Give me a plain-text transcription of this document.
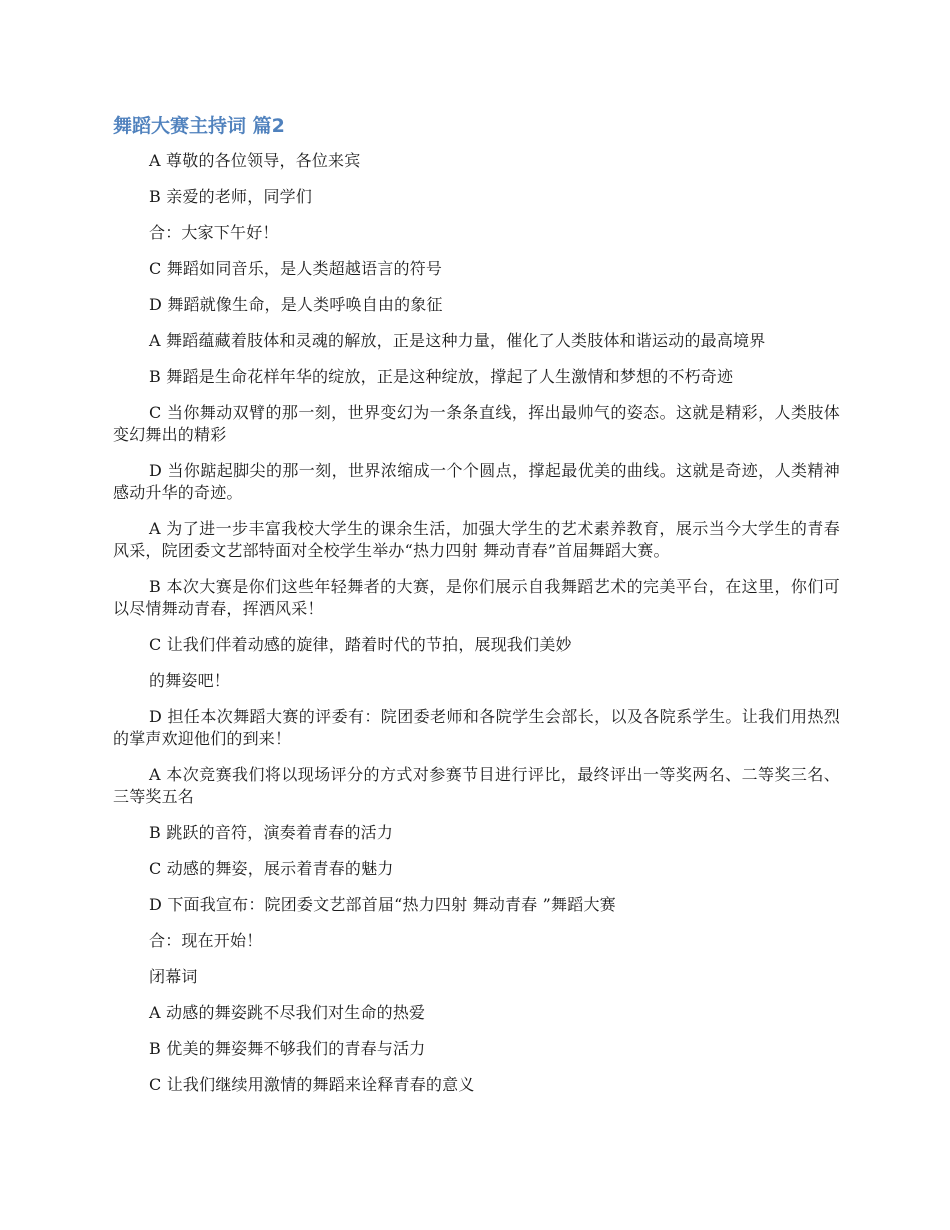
舞蹈大赛主持词 篇2

A 尊敬的各位领导，各位来宾

B 亲爱的老师，同学们

合：大家下午好！

C 舞蹈如同音乐，是人类超越语言的符号

D 舞蹈就像生命，是人类呼唤自由的象征

A 舞蹈蕴藏着肢体和灵魂的解放，正是这种力量，催化了人类肢体和谐运动的最高境界

B 舞蹈是生命花样年华的绽放，正是这种绽放，撑起了人生激情和梦想的不朽奇迹

C 当你舞动双臂的那一刻，世界变幻为一条条直线，挥出最帅气的姿态。这就是精彩，人类肢体变幻舞出的精彩

D 当你踮起脚尖的那一刻，世界浓缩成一个个圆点，撑起最优美的曲线。这就是奇迹，人类精神感动升华的奇迹。

A 为了进一步丰富我校大学生的课余生活，加强大学生的艺术素养教育，展示当今大学生的青春风采，院团委文艺部特面对全校学生举办“热力四射 舞动青春”首届舞蹈大赛。

B 本次大赛是你们这些年轻舞者的大赛，是你们展示自我舞蹈艺术的完美平台，在这里，你们可以尽情舞动青春，挥洒风采！

C 让我们伴着动感的旋律，踏着时代的节拍，展现我们美妙

的舞姿吧！

D 担任本次舞蹈大赛的评委有：院团委老师和各院学生会部长，以及各院系学生。让我们用热烈的掌声欢迎他们的到来！

A 本次竞赛我们将以现场评分的方式对参赛节目进行评比，最终评出一等奖两名、二等奖三名、三等奖五名

B 跳跃的音符，演奏着青春的活力

C 动感的舞姿，展示着青春的魅力

D 下面我宣布：院团委文艺部首届“热力四射 舞动青春 ”舞蹈大赛

合：现在开始！

闭幕词

A 动感的舞姿跳不尽我们对生命的热爱

B 优美的舞姿舞不够我们的青春与活力

C 让我们继续用激情的舞蹈来诠释青春的意义
